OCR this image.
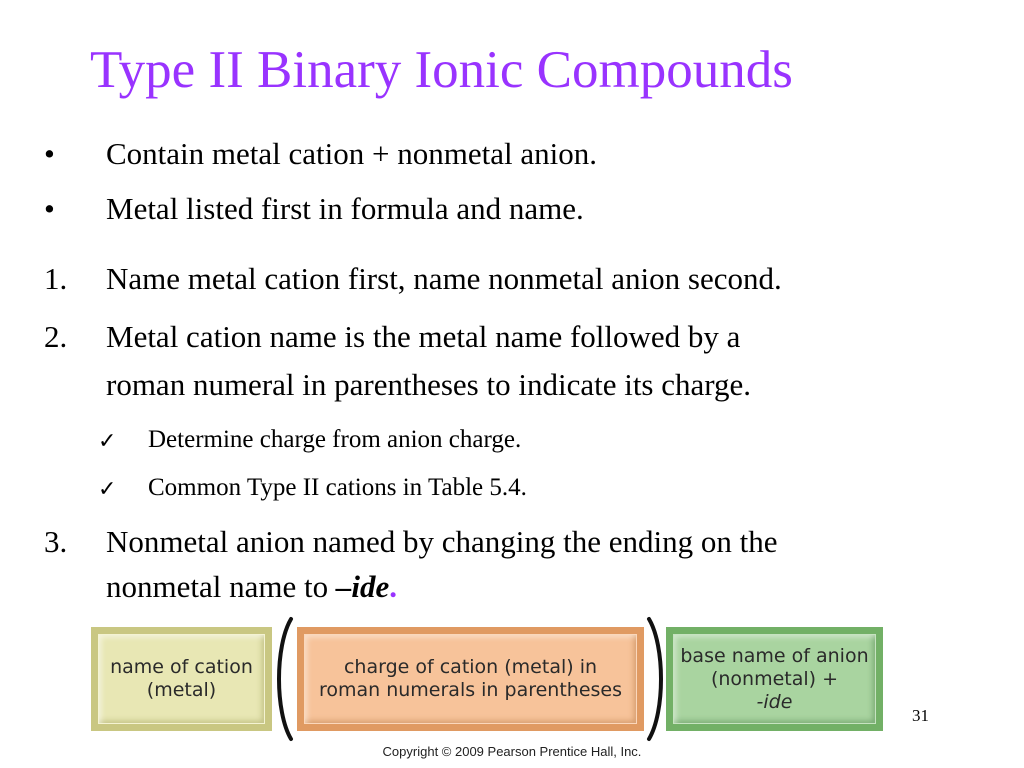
Type II Binary Ionic Compounds
• Contain metal cation + nonmetal anion.
• Metal listed first in formula and name.
1. Name metal cation first, name nonmetal anion second.
2. Metal cation name is the metal name followed by a
roman numeral in parentheses to indicate its charge.
✓ Determine charge from anion charge.
✓ Common Type II cations in Table 5.4.
3. Nonmetal anion named by changing the ending on the
nonmetal name to –ide.
name of cation
(metal)
charge of cation (metal) in
roman numerals in parentheses
base name of anion
(nonmetal) +
-ide
31
Copyright © 2009 Pearson Prentice Hall, Inc.
